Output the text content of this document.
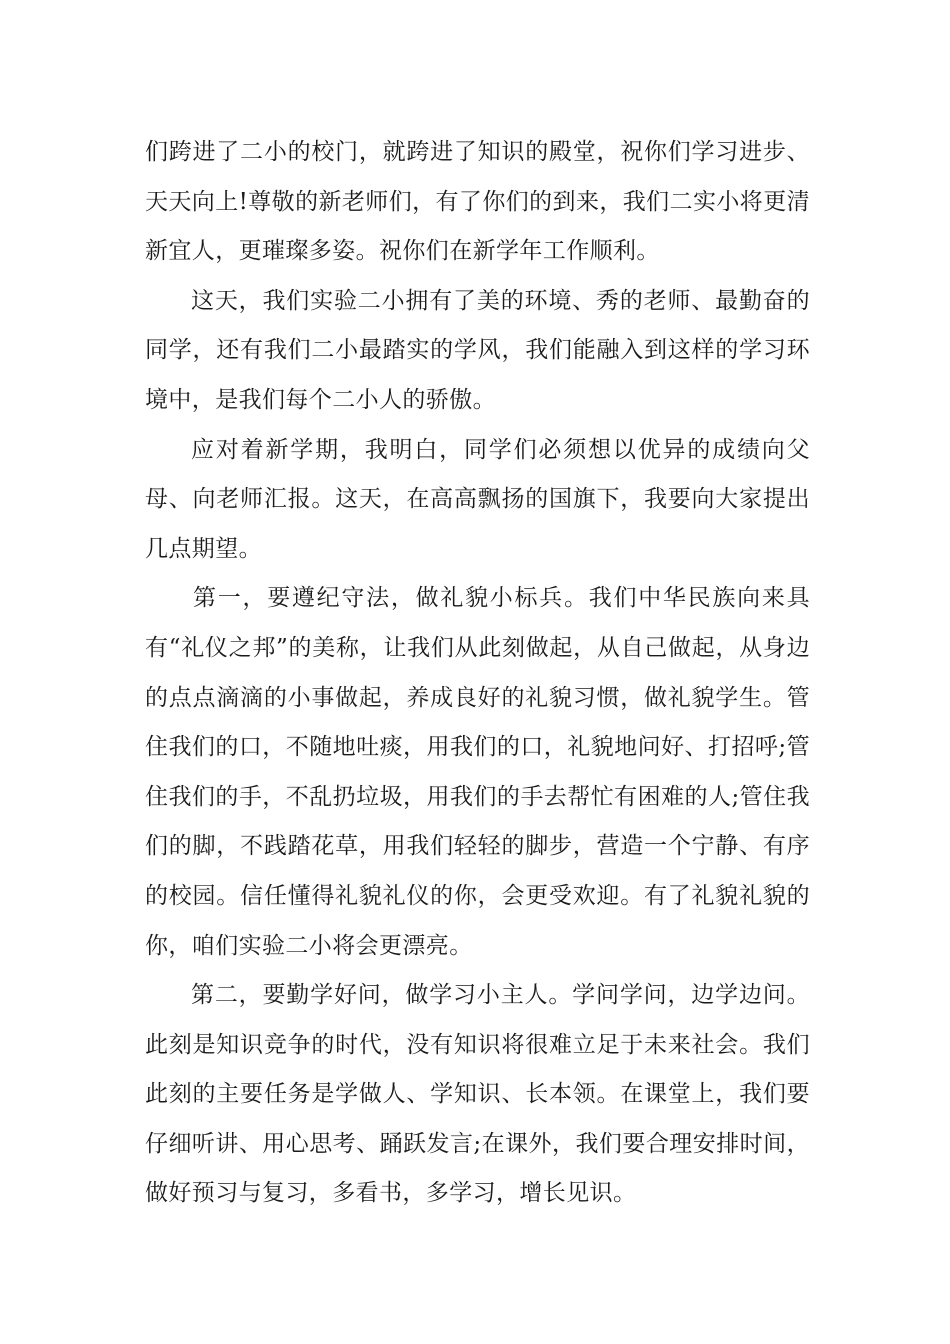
们跨进了二小的校门，就跨进了知识的殿堂，祝你们学习进步、天天向上!尊敬的新老师们，有了你们的到来，我们二实小将更清新宜人，更璀璨多姿。祝你们在新学年工作顺利。

这天，我们实验二小拥有了美的环境、秀的老师、最勤奋的同学，还有我们二小最踏实的学风，我们能融入到这样的学习环境中，是我们每个二小人的骄傲。

应对着新学期，我明白，同学们必须想以优异的成绩向父母、向老师汇报。这天，在高高飘扬的国旗下，我要向大家提出几点期望。

第一，要遵纪守法，做礼貌小标兵。我们中华民族向来具有“礼仪之邦”的美称，让我们从此刻做起，从自己做起，从身边的点点滴滴的小事做起，养成良好的礼貌习惯，做礼貌学生。管住我们的口，不随地吐痰，用我们的口，礼貌地问好、打招呼;管住我们的手，不乱扔垃圾，用我们的手去帮忙有困难的人;管住我们的脚，不践踏花草，用我们轻轻的脚步，营造一个宁静、有序的校园。信任懂得礼貌礼仪的你，会更受欢迎。有了礼貌礼貌的你，咱们实验二小将会更漂亮。

第二，要勤学好问，做学习小主人。学问学问，边学边问。此刻是知识竞争的时代，没有知识将很难立足于未来社会。我们此刻的主要任务是学做人、学知识、长本领。在课堂上，我们要仔细听讲、用心思考、踊跃发言;在课外，我们要合理安排时间，做好预习与复习，多看书，多学习，增长见识。
